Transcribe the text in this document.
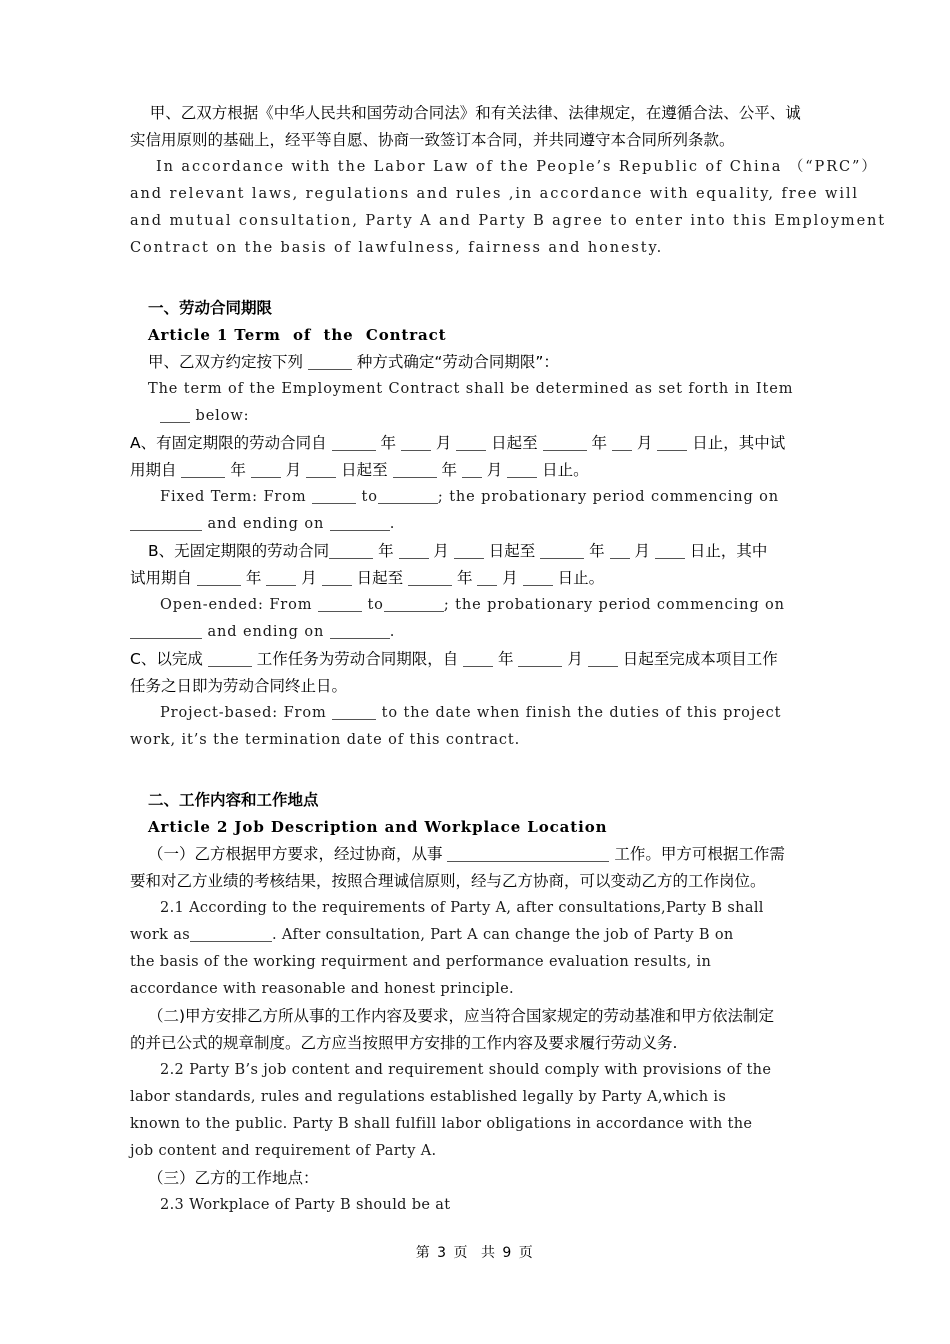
甲、乙双方根据《中华人民共和国劳动合同法》和有关法律、法律规定，在遵循合法、公平、诚
实信用原则的基础上，经平等自愿、协商一致签订本合同，并共同遵守本合同所列条款。
In accordance with the Labor Law of the People’s Republic of China （“PRC”）
and relevant laws, regulations and rules ,in accordance with equality, free will
and mutual consultation, Party A and Party B agree to enter into this Employment
Contract on the basis of lawfulness, fairness and honesty.
一、劳动合同期限
Article 1 Term  of  the  Contract
甲、乙双方约定按下列	种方式确定“劳动合同期限”：
The term of the Employment Contract shall be determined as set forth in Item
below:
A、有固定期限的劳动合同自	年  月  日起至	年  月  日止，其中试
用期自	年  月  日起至	年  月  日止。
Fixed Term: From	to	; the probationary period commencing on
and ending on	.
B、无固定期限的劳动合同	年  月  日起至	年  月  日止，其中
试用期自	年  月  日起至	年  月  日止。
Open-ended: From	to	; the probationary period commencing on
and ending on	.
C、以完成	工作任务为劳动合同期限，自  年	月  日起至完成本项目工作
任务之日即为劳动合同终止日。
Project-based: From	to the date when finish the duties of this project
work, it’s the termination date of this contract.
二、工作内容和工作地点
Article 2 Job Description and Workplace Location
（一）乙方根据甲方要求，经过协商，从事	工作。甲方可根据工作需
要和对乙方业绩的考核结果，按照合理诚信原则，经与乙方协商，可以变动乙方的工作岗位。
2.1 According to the requirements of Party A, after consultations,Party B shall
work as	. After consultation, Part A can change the job of Party B on
the basis of the working requirment and performance evaluation results, in
accordance with reasonable and honest principle.
（二)甲方安排乙方所从事的工作内容及要求，应当符合国家规定的劳动基准和甲方依法制定
的并已公式的规章制度。乙方应当按照甲方安排的工作内容及要求履行劳动义务.
2.2 Party B’s job content and requirement should comply with provisions of the
labor standards, rules and regulations established legally by Party A,which is
known to the public. Party B shall fulfill labor obligations in accordance with the
job content and requirement of Party A.
（三）乙方的工作地点：
2.3 Workplace of Party B should be at
第 3 页  共 9 页
